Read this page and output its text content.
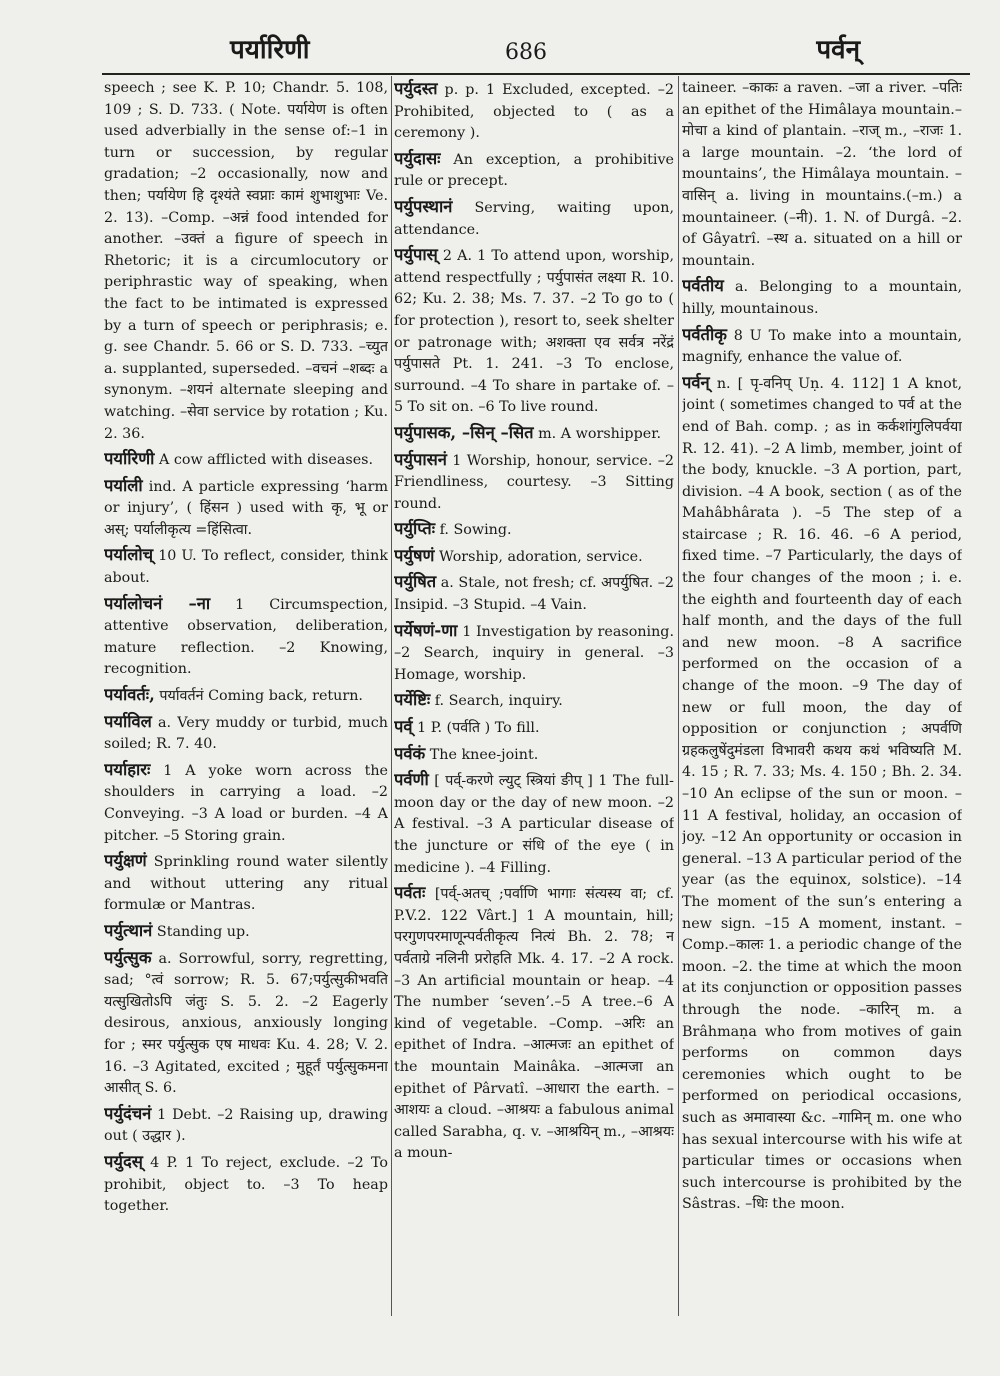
पर्यारिणी	686	पर्वन्

speech ; see K. P. 10; Chandr. 5. 108, 109 ; S. D. 733. ( Note. पर्यायेण is often used adverbially in the sense of:–1 in turn or succession, by regular gradation; –2 occasionally, now and then; पर्यायेण हि दृश्यंते स्वप्नाः कामं शुभाशुभाः Ve. 2. 13). –Comp. –अन्नं food intended for another. –उक्तं a figure of speech in Rhetoric; it is a circumlocutory or periphrastic way of speaking, when the fact to be intimated is expressed by a turn of speech or periphrasis; e. g. see Chandr. 5. 66 or S. D. 733. –च्युत a. supplanted, superseded. –वचनं –शब्दः a synonym. –शयनं alternate sleeping and watching. –सेवा service by rotation ; Ku. 2. 36.

पर्यारिणी A cow afflicted with diseases.

पर्याली ind. A particle expressing ‘harm or injury’, ( हिंसन ) used with कृ, भू or अस्; पर्यालीकृत्य =हिंसित्वा.

पर्यालोच् 10 U. To reflect, consider, think about.

पर्यालोचनं –ना 1 Circumspection, attentive observation, deliberation, mature reflection. –2 Knowing, recognition.

पर्यावर्तः, पर्यावर्तनं Coming back, return.

पर्याविल a. Very muddy or turbid, much soiled; R. 7. 40.

पर्याहारः 1 A yoke worn across the shoulders in carrying a load. –2 Conveying. –3 A load or burden. –4 A pitcher. –5 Storing grain.

पर्युक्षणं Sprinkling round water silently and without uttering any ritual formulæ or Mantras.

पर्युत्थानं Standing up.

पर्युत्सुक a. Sorrowful, sorry, regretting, sad; °त्वं sorrow; R. 5. 67;पर्युत्सुकीभवति यत्सुखितोऽपि जंतुः S. 5. 2. –2 Eagerly desirous, anxious, anxiously longing for ; स्मर पर्युत्सुक एष माधवः Ku. 4. 28; V. 2. 16. –3 Agitated, excited ; मुहूर्तं पर्युत्सुकमना आसीत् S. 6.

पर्युदंचनं 1 Debt. –2 Raising up, drawing out ( उद्धार ).

पर्युदस् 4 P. 1 To reject, exclude. –2 To prohibit, object to. –3 To heap together.

पर्युदस्त p. p. 1 Excluded, excepted. –2 Prohibited, objected to ( as a ceremony ).

पर्युदासः An exception, a prohibitive rule or precept.

पर्युपस्थानं Serving, waiting upon, attendance.

पर्युपास् 2 A. 1 To attend upon, worship, attend respectfully ; पर्युपासंत लक्ष्या R. 10. 62; Ku. 2. 38; Ms. 7. 37. –2 To go to ( for protection ), resort to, seek shelter or patronage with; अशक्ता एव सर्वत्र नरेंद्रं पर्युपासते Pt. 1. 241. –3 To enclose, surround. –4 To share in partake of. –5 To sit on. –6 To live round.

पर्युपासक, –सिन् –सित m. A worshipper.

पर्युपासनं 1 Worship, honour, service. –2 Friendliness, courtesy. –3 Sitting round.

पर्युप्तिः f. Sowing.

पर्युषणं Worship, adoration, service.

पर्युषित a. Stale, not fresh; cf. अपर्युषित. –2 Insipid. –3 Stupid. –4 Vain.

पर्येषणं-णा 1 Investigation by reasoning. –2 Search, inquiry in general. –3 Homage, worship.

पर्येष्टिः f. Search, inquiry.

पर्व् 1 P. (पर्वति ) To fill.

पर्वकं The knee-joint.

पर्वणी [ पर्व्-करणे ल्युट् स्त्रियां ङीप् ] 1 The full-moon day or the day of new moon. –2 A festival. –3 A particular disease of the juncture or संधि of the eye ( in medicine ). –4 Filling.

पर्वतः [पर्व्-अतच् ;पर्वाणि भागाः संत्यस्य वा; cf. P.V.2. 122 Vârt.] 1 A mountain, hill; परगुणपरमाणून्पर्वतीकृत्य नित्यं Bh. 2. 78; न पर्वताग्रे नलिनी प्ररोहति Mk. 4. 17. –2 A rock. –3 An artificial mountain or heap. –4 The number ‘seven’.–5 A tree.–6 A kind of vegetable. –Comp. –अरिः an epithet of Indra. –आत्मजः an epithet of the mountain Mainâka. –आत्मजा an epithet of Pârvatî. –आधारा the earth. –आशयः a cloud. –आश्रयः a fabulous animal called Sarabha, q. v. –आश्रयिन् m., –आश्रयः a moun-

taineer. –काकः a raven. –जा a river. –पतिः an epithet of the Himâlaya mountain.–मोचा a kind of plantain. –राज् m., –राजः 1. a large mountain. –2. ‘the lord of mountains’, the Himâlaya mountain. –वासिन् a. living in mountains.(–m.) a mountaineer. (–नी). 1. N. of Durgâ. –2. of Gâyatrî. –स्थ a. situated on a hill or mountain.

पर्वतीय a. Belonging to a mountain, hilly, mountainous.

पर्वतीकृ 8 U To make into a mountain, magnify, enhance the value of.

पर्वन् n. [ पृ-वनिप् Uṇ. 4. 112] 1 A knot, joint ( sometimes changed to पर्व at the end of Bah. comp. ; as in कर्कशांगुलिपर्वया R. 12. 41). –2 A limb, member, joint of the body, knuckle. –3 A portion, part, division. –4 A book, section ( as of the Mahâbhârata ). –5 The step of a staircase ; R. 16. 46. –6 A period, fixed time. –7 Particularly, the days of the four changes of the moon ; i. e. the eighth and fourteenth day of each half month, and the days of the full and new moon. –8 A sacrifice performed on the occasion of a change of the moon. –9 The day of new or full moon, the day of opposition or conjunction ; अपर्वणि ग्रहकलुषेंदुमंडला विभावरी कथय कथं भविष्यति M. 4. 15 ; R. 7. 33; Ms. 4. 150 ; Bh. 2. 34. –10 An eclipse of the sun or moon. –11 A festival, holiday, an occasion of joy. –12 An opportunity or occasion in general. –13 A particular period of the year (as the equinox, solstice). –14 The moment of the sun’s entering a new sign. –15 A moment, instant. –Comp.–कालः 1. a periodic change of the moon. –2. the time at which the moon at its conjunction or opposition passes through the node. –कारिन् m. a Brâhmaṇa who from motives of gain performs on common days ceremonies which ought to be performed on periodical occasions, such as अमावास्या &c. –गामिन् m. one who has sexual intercourse with his wife at particular times or occasions when such intercourse is prohibited by the Sâstras. –धिः the moon.
